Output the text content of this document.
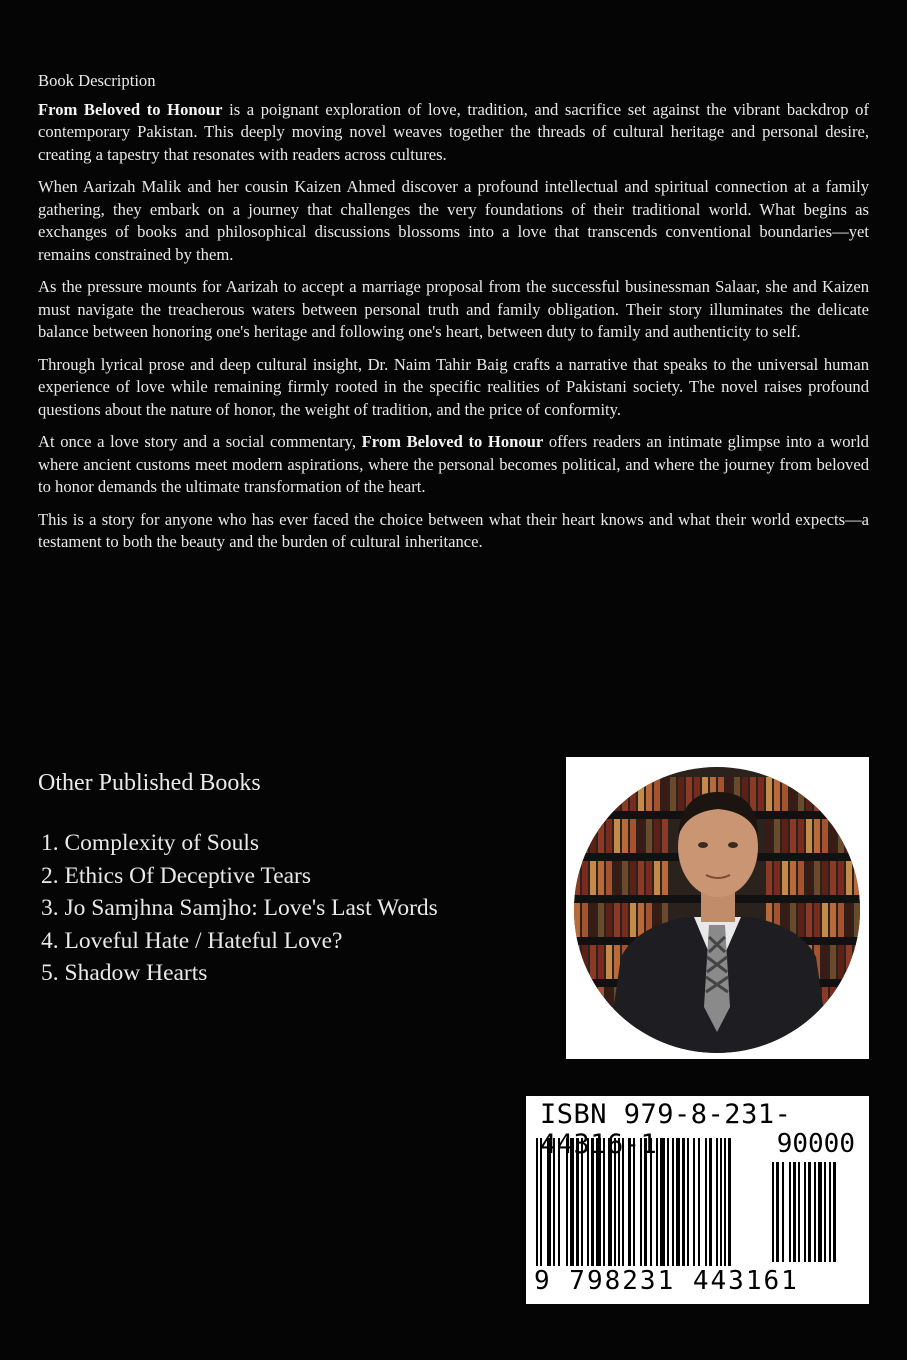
Book Description

From Beloved to Honour is a poignant exploration of love, tradition, and sacrifice set against the vibrant backdrop of contemporary Pakistan. This deeply moving novel weaves together the threads of cultural heritage and personal desire, creating a tapestry that resonates with readers across cultures.

When Aarizah Malik and her cousin Kaizen Ahmed discover a profound intellectual and spiritual connection at a family gathering, they embark on a journey that challenges the very foundations of their traditional world. What begins as exchanges of books and philosophical discussions blossoms into a love that transcends conventional boundaries—yet remains constrained by them.

As the pressure mounts for Aarizah to accept a marriage proposal from the successful businessman Salaar, she and Kaizen must navigate the treacherous waters between personal truth and family obligation. Their story illuminates the delicate balance between honoring one's heritage and following one's heart, between duty to family and authenticity to self.

Through lyrical prose and deep cultural insight, Dr. Naim Tahir Baig crafts a narrative that speaks to the universal human experience of love while remaining firmly rooted in the specific realities of Pakistani society. The novel raises profound questions about the nature of honor, the weight of tradition, and the price of conformity.

At once a love story and a social commentary, From Beloved to Honour offers readers an intimate glimpse into a world where ancient customs meet modern aspirations, where the personal becomes political, and where the journey from beloved to honor demands the ultimate transformation of the heart.

This is a story for anyone who has ever faced the choice between what their heart knows and what their world expects—a testament to both the beauty and the burden of cultural inheritance.

Other Published Books
1. Complexity of Souls
2. Ethics Of Deceptive Tears
3. Jo Samjhna Samjho: Love's Last Words
4. Loveful Hate / Hateful Love?
5. Shadow Hearts
ISBN 979-8-231-44316-1	90000
9 798231 443161
